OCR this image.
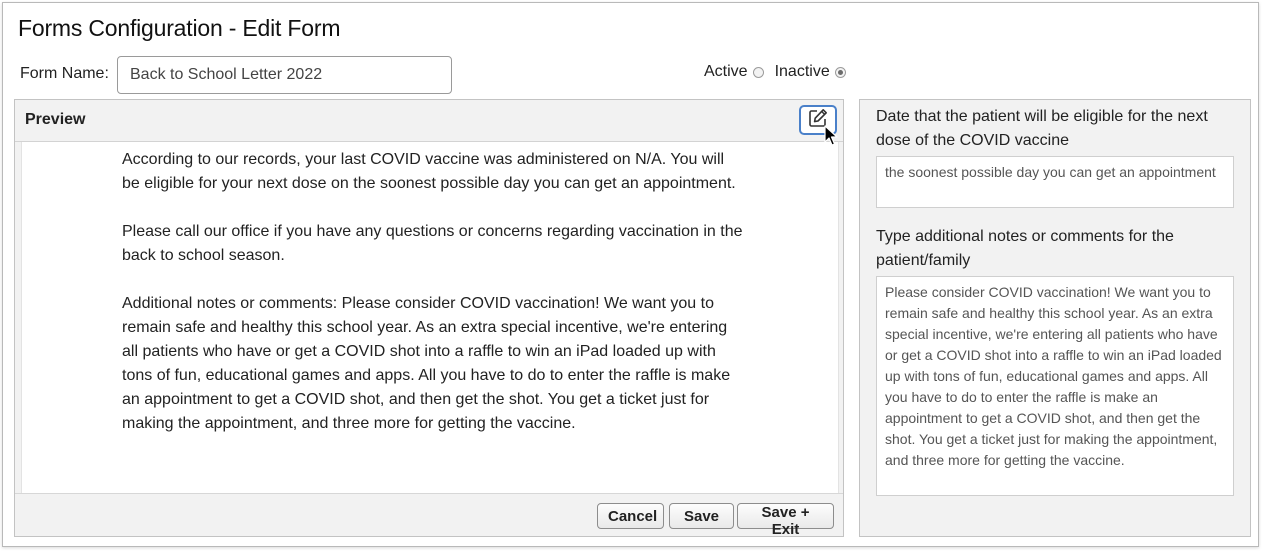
Forms Configuration - Edit Form
Form Name:
Back to School Letter 2022	Active Inactive
Preview

According to our records, your last COVID vaccine was administered on N/A. You will be eligible for your next dose on the soonest possible day you can get an appointment.

Please call our office if you have any questions or concerns regarding vaccination in the back to school season.

Additional notes or comments: Please consider COVID vaccination! We want you to remain safe and healthy this school year. As an extra special incentive, we're entering all patients who have or get a COVID shot into a raffle to win an iPad loaded up with tons of fun, educational games and apps. All you have to do to enter the raffle is make an appointment to get a COVID shot, and then get the shot. You get a ticket just for making the appointment, and three more for getting the vaccine.

Cancel	Save	Save + Exit
Date that the patient will be eligible for the next dose of the COVID vaccine
the soonest possible day you can get an appointment
Type additional notes or comments for the patient/family
Please consider COVID vaccination! We want you to remain safe and healthy this school year. As an extra special incentive, we're entering all patients who have or get a COVID shot into a raffle to win an iPad loaded up with tons of fun, educational games and apps. All you have to do to enter the raffle is make an appointment to get a COVID shot, and then get the shot. You get a ticket just for making the appointment, and three more for getting the vaccine.
